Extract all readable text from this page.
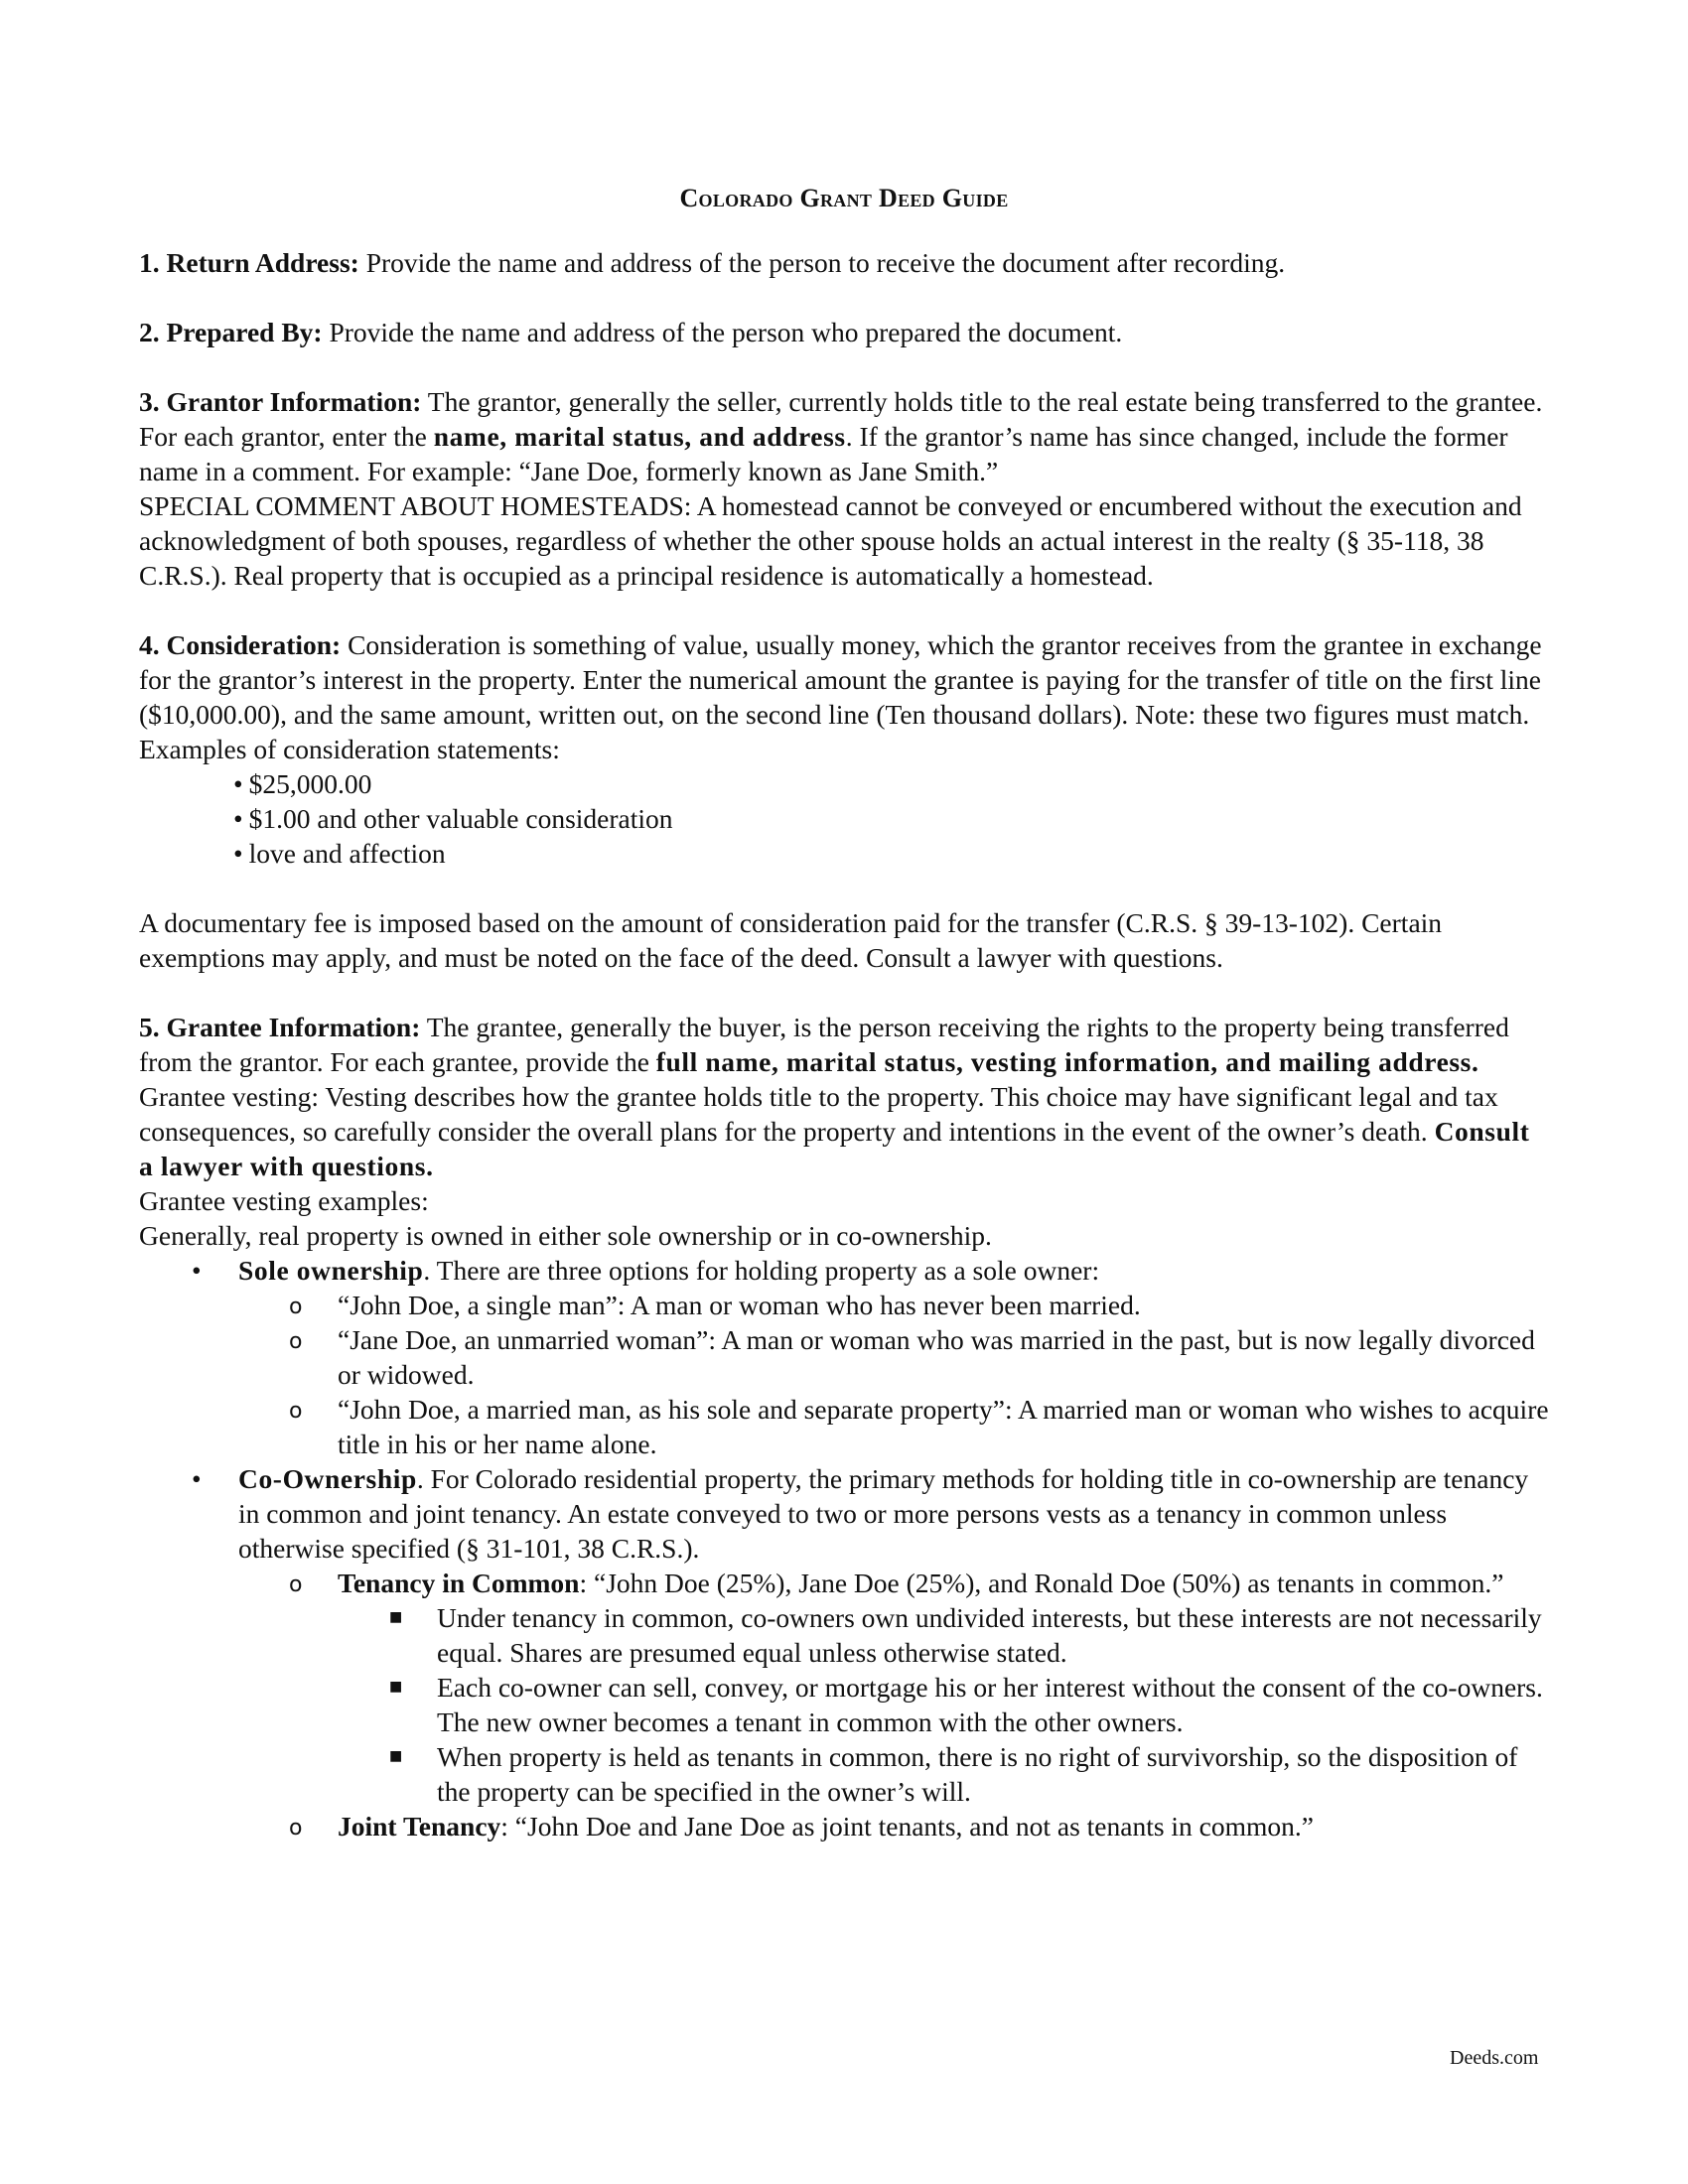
Colorado Grant Deed Guide

1. Return Address: Provide the name and address of the person to receive the document after recording.

2. Prepared By: Provide the name and address of the person who prepared the document.

3. Grantor Information: The grantor, generally the seller, currently holds title to the real estate being transferred to the grantee. For each grantor, enter the name, marital status, and address. If the grantor’s name has since changed, include the former name in a comment. For example: “Jane Doe, formerly known as Jane Smith.”

SPECIAL COMMENT ABOUT HOMESTEADS: A homestead cannot be conveyed or encumbered without the execution and acknowledgment of both spouses, regardless of whether the other spouse holds an actual interest in the realty (§ 35-118, 38 C.R.S.). Real property that is occupied as a principal residence is automatically a homestead.

4. Consideration: Consideration is something of value, usually money, which the grantor receives from the grantee in exchange for the grantor’s interest in the property. Enter the numerical amount the grantee is paying for the transfer of title on the first line ($10,000.00), and the same amount, written out, on the second line (Ten thousand dollars). Note: these two figures must match.

Examples of consideration statements:

• $25,000.00
• $1.00 and other valuable consideration
• love and affection

A documentary fee is imposed based on the amount of consideration paid for the transfer (C.R.S. § 39-13-102). Certain exemptions may apply, and must be noted on the face of the deed. Consult a lawyer with questions.

5. Grantee Information: The grantee, generally the buyer, is the person receiving the rights to the property being transferred from the grantor. For each grantee, provide the full name, marital status, vesting information, and mailing address. Grantee vesting: Vesting describes how the grantee holds title to the property. This choice may have significant legal and tax consequences, so carefully consider the overall plans for the property and intentions in the event of the owner’s death. Consult a lawyer with questions.

Grantee vesting examples:

Generally, real property is owned in either sole ownership or in co-ownership.

• Sole ownership. There are three options for holding property as a sole owner:
o “John Doe, a single man”: A man or woman who has never been married.
o “Jane Doe, an unmarried woman”: A man or woman who was married in the past, but is now legally divorced or widowed.
o “John Doe, a married man, as his sole and separate property”: A married man or woman who wishes to acquire title in his or her name alone.
• Co-Ownership. For Colorado residential property, the primary methods for holding title in co-ownership are tenancy in common and joint tenancy. An estate conveyed to two or more persons vests as a tenancy in common unless otherwise specified (§ 31-101, 38 C.R.S.).
o Tenancy in Common: “John Doe (25%), Jane Doe (25%), and Ronald Doe (50%) as tenants in common.”
■ Under tenancy in common, co-owners own undivided interests, but these interests are not necessarily equal. Shares are presumed equal unless otherwise stated.
■ Each co-owner can sell, convey, or mortgage his or her interest without the consent of the co-owners. The new owner becomes a tenant in common with the other owners.
■ When property is held as tenants in common, there is no right of survivorship, so the disposition of the property can be specified in the owner’s will.
o Joint Tenancy: “John Doe and Jane Doe as joint tenants, and not as tenants in common.”
Deeds.com
